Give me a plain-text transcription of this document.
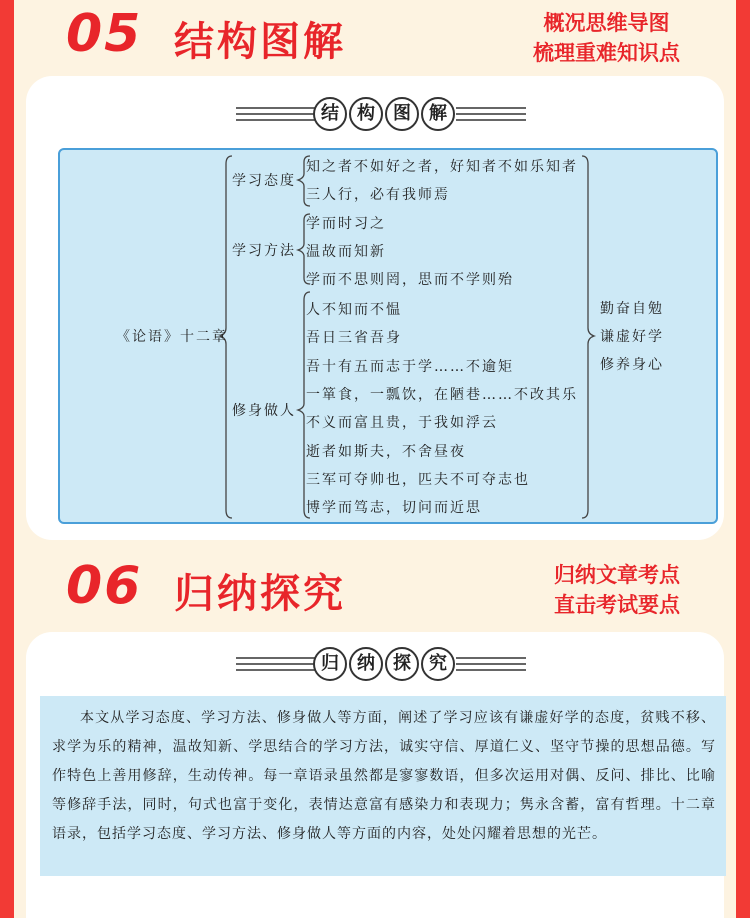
05 结构图解	概况思维导图
梳理重难知识点
结 构 图 解
《论语》十二章
学习态度
学习方法
修身做人
知之者不如好之者，好知者不如乐知者
三人行，必有我师焉
学而时习之
温故而知新
学而不思则罔，思而不学则殆
人不知而不愠
吾日三省吾身
吾十有五而志于学……不逾矩
一箪食，一瓢饮，在陋巷……不改其乐
不义而富且贵，于我如浮云
逝者如斯夫，不舍昼夜
三军可夺帅也，匹夫不可夺志也
博学而笃志，切问而近思
勤奋自勉
谦虚好学
修养身心
06 归纳探究	归纳文章考点
直击考试要点
归 纳 探 究

本文从学习态度、学习方法、修身做人等方面，阐述了学习应该有谦虚好学的态度，贫贱不移、求学为乐的精神，温故知新、学思结合的学习方法，诚实守信、厚道仁义、坚守节操的思想品德。写作特色上善用修辞，生动传神。每一章语录虽然都是寥寥数语，但多次运用对偶、反问、排比、比喻等修辞手法，同时，句式也富于变化，表情达意富有感染力和表现力；隽永含蓄，富有哲理。十二章语录，包括学习态度、学习方法、修身做人等方面的内容，处处闪耀着思想的光芒。
